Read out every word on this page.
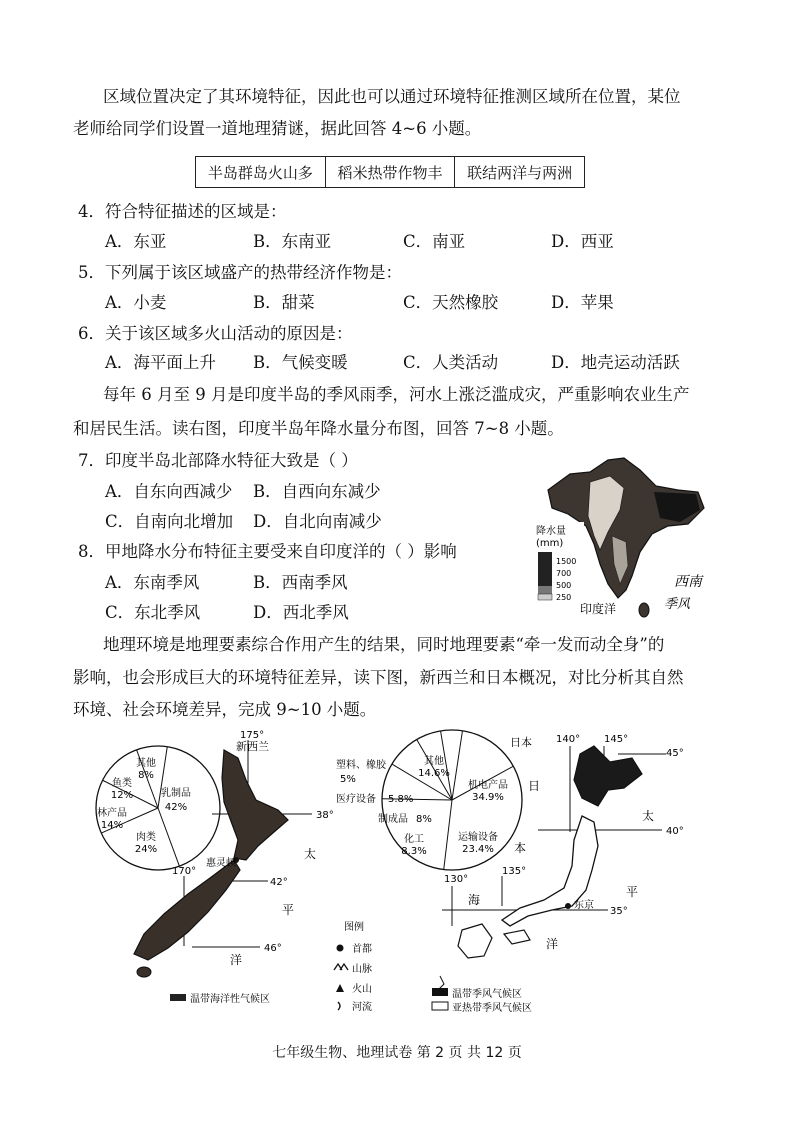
区域位置决定了其环境特征，因此也可以通过环境特征推测区域所在位置，某位
老师给同学们设置一道地理猜谜，据此回答 4~6 小题。
半岛群岛火山多	稻米热带作物丰	联结两洋与两洲
4．符合特征描述的区域是：
A．东亚	B．东南亚	C．南亚	D．西亚
5．下列属于该区域盛产的热带经济作物是：
A．小麦	B．甜菜	C．天然橡胶	D．苹果
6．关于该区域多火山活动的原因是：
A．海平面上升 B．气候变暖	C．人类活动	D．地壳运动活跃
每年 6 月至 9 月是印度半岛的季风雨季，河水上涨泛滥成灾，严重影响农业生产
和居民生活。读右图，印度半岛年降水量分布图，回答 7~8 小题。
7．印度半岛北部降水特征大致是（ ）
A．自东向西减少 B．自西向东减少
C．自南向北增加 D．自北向南减少
8．甲地降水分布特征主要受来自印度洋的（ ）影响
A．东南季风	B．西南季风
C．东北季风	D．西北季风
降水量
(mm)
1500
700
500
250
印度洋
西南
季风
地理环境是地理要素综合作用产生的结果，同时地理要素“牵一发而动全身”的
影响，也会形成巨大的环境特征差异，读下图，新西兰和日本概况，对比分析其自然
环境、社会环境差异，完成 9~10 小题。
乳制品
42%
肉类
24%
林产品
14%
鱼类
12%
其他
8%
175°
170°
38°
42°
46°
新西兰
惠灵顿
太
平
洋
温带海洋性气候区
图例
首都
山脉
火山
河流
其他
14.6%
机电产品
34.9%
运输设备
23.4%
化工
8.3%
制成品 8%
医疗设备 5.8%
塑料、橡胶
5%
140° 145°
130°
135°
45°
40°
35°
日本
日
本
海	东京
太
平
洋
温带季风气候区
亚热带季风气候区
七年级生物、地理试卷 第 2 页 共 12 页
